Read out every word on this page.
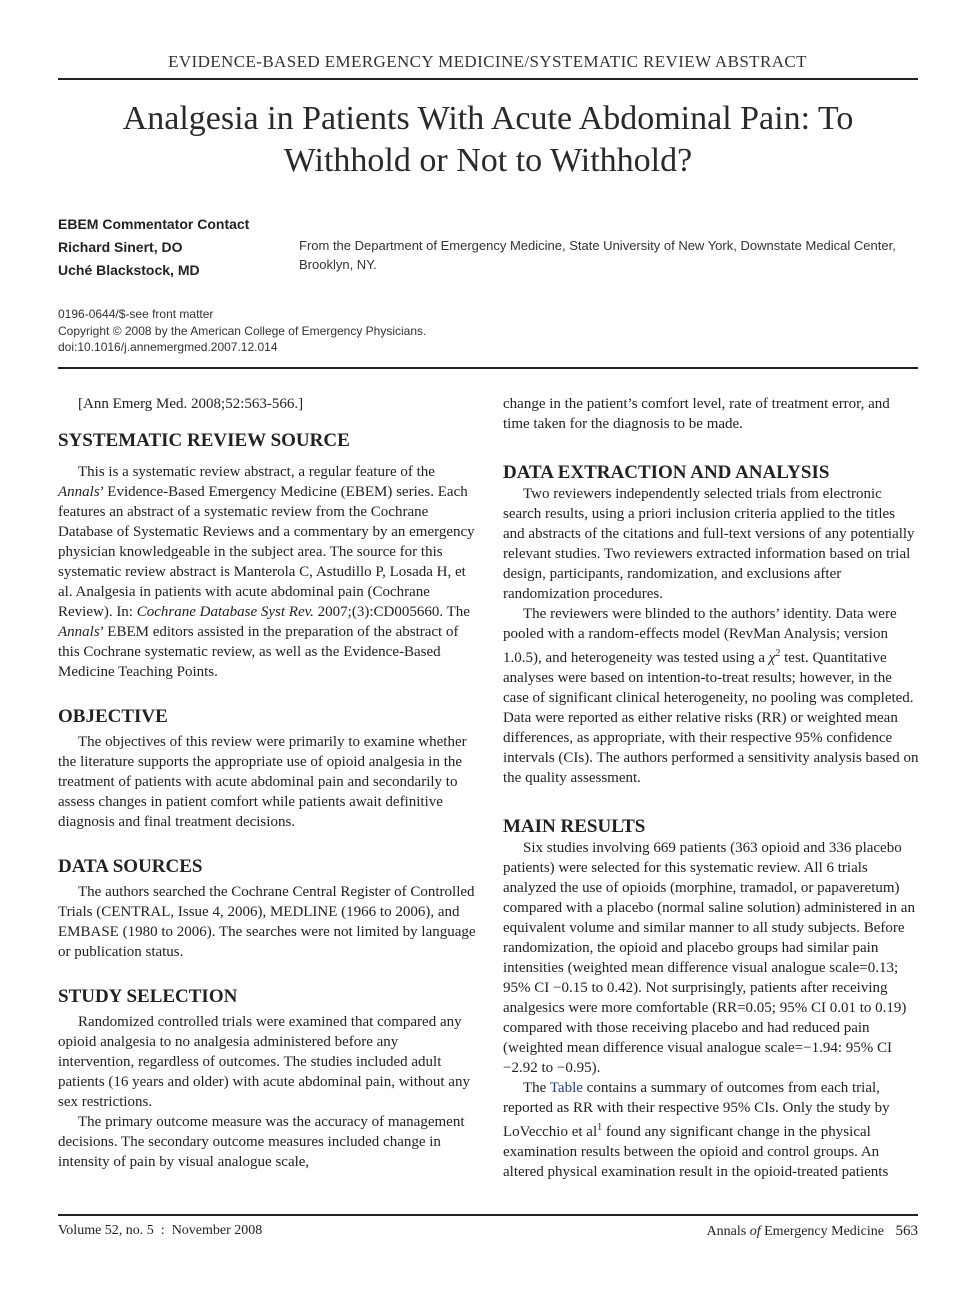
EVIDENCE-BASED EMERGENCY MEDICINE/SYSTEMATIC REVIEW ABSTRACT
Analgesia in Patients With Acute Abdominal Pain: To Withhold or Not to Withhold?
EBEM Commentator Contact
Richard Sinert, DO
Uché Blackstock, MD
From the Department of Emergency Medicine, State University of New York, Downstate Medical Center, Brooklyn, NY.
0196-0644/$-see front matter
Copyright © 2008 by the American College of Emergency Physicians.
doi:10.1016/j.annemergmed.2007.12.014

[Ann Emerg Med. 2008;52:563-566.]

SYSTEMATIC REVIEW SOURCE

This is a systematic review abstract, a regular feature of the Annals’ Evidence-Based Emergency Medicine (EBEM) series. Each features an abstract of a systematic review from the Cochrane Database of Systematic Reviews and a commentary by an emergency physician knowledgeable in the subject area. The source for this systematic review abstract is Manterola C, Astudillo P, Losada H, et al. Analgesia in patients with acute abdominal pain (Cochrane Review). In: Cochrane Database Syst Rev. 2007;(3):CD005660. The Annals’ EBEM editors assisted in the preparation of the abstract of this Cochrane systematic review, as well as the Evidence-Based Medicine Teaching Points.

OBJECTIVE

The objectives of this review were primarily to examine whether the literature supports the appropriate use of opioid analgesia in the treatment of patients with acute abdominal pain and secondarily to assess changes in patient comfort while patients await definitive diagnosis and final treatment decisions.

DATA SOURCES

The authors searched the Cochrane Central Register of Controlled Trials (CENTRAL, Issue 4, 2006), MEDLINE (1966 to 2006), and EMBASE (1980 to 2006). The searches were not limited by language or publication status.

STUDY SELECTION

Randomized controlled trials were examined that compared any opioid analgesia to no analgesia administered before any intervention, regardless of outcomes. The studies included adult patients (16 years and older) with acute abdominal pain, without any sex restrictions.

The primary outcome measure was the accuracy of management decisions. The secondary outcome measures included change in intensity of pain by visual analogue scale,

change in the patient’s comfort level, rate of treatment error, and time taken for the diagnosis to be made.

DATA EXTRACTION AND ANALYSIS

Two reviewers independently selected trials from electronic search results, using a priori inclusion criteria applied to the titles and abstracts of the citations and full-text versions of any potentially relevant studies. Two reviewers extracted information based on trial design, participants, randomization, and exclusions after randomization procedures.

The reviewers were blinded to the authors’ identity. Data were pooled with a random-effects model (RevMan Analysis; version 1.0.5), and heterogeneity was tested using a $\chi^2$ test. Quantitative analyses were based on intention-to-treat results; however, in the case of significant clinical heterogeneity, no pooling was completed. Data were reported as either relative risks (RR) or weighted mean differences, as appropriate, with their respective 95% confidence intervals (CIs). The authors performed a sensitivity analysis based on the quality assessment.

MAIN RESULTS

Six studies involving 669 patients (363 opioid and 336 placebo patients) were selected for this systematic review. All 6 trials analyzed the use of opioids (morphine, tramadol, or papaveretum) compared with a placebo (normal saline solution) administered in an equivalent volume and similar manner to all study subjects. Before randomization, the opioid and placebo groups had similar pain intensities (weighted mean difference visual analogue scale=0.13; 95% CI −0.15 to 0.42). Not surprisingly, patients after receiving analgesics were more comfortable (RR=0.05; 95% CI 0.01 to 0.19) compared with those receiving placebo and had reduced pain (weighted mean difference visual analogue scale=−1.94: 95% CI −2.92 to −0.95).

The Table contains a summary of outcomes from each trial, reported as RR with their respective 95% CIs. Only the study by LoVecchio et $al^1$ found any significant change in the physical examination results between the opioid and control groups. An altered physical examination result in the opioid-treated patients

Volume 52, no. 5  :  November 2008	Annals of Emergency Medicine 563
